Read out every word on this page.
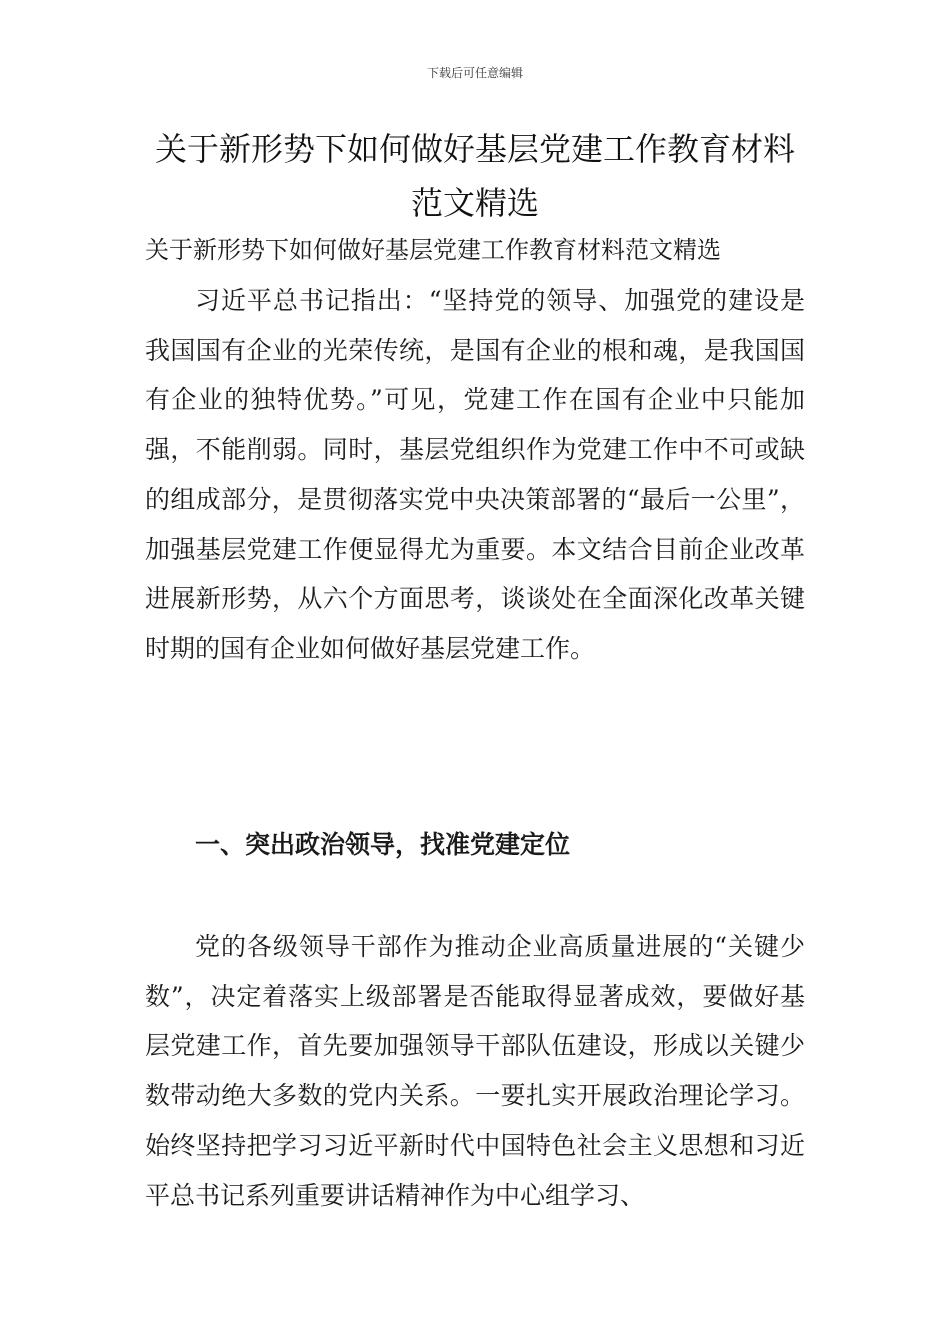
下载后可任意编辑
关于新形势下如何做好基层党建工作教育材料范文精选
关于新形势下如何做好基层党建工作教育材料范文精选

习近平总书记指出：“坚持党的领导、加强党的建设是我国国有企业的光荣传统，是国有企业的根和魂，是我国国有企业的独特优势。”可见，党建工作在国有企业中只能加强，不能削弱。同时，基层党组织作为党建工作中不可或缺的组成部分，是贯彻落实党中央决策部署的“最后一公里”，加强基层党建工作便显得尤为重要。本文结合目前企业改革进展新形势，从六个方面思考，谈谈处在全面深化改革关键时期的国有企业如何做好基层党建工作。

一、突出政治领导，找准党建定位

党的各级领导干部作为推动企业高质量进展的“关键少数”，决定着落实上级部署是否能取得显著成效，要做好基层党建工作，首先要加强领导干部队伍建设，形成以关键少数带动绝大多数的党内关系。一要扎实开展政治理论学习。始终坚持把学习习近平新时代中国特色社会主义思想和习近平总书记系列重要讲话精神作为中心组学习、
